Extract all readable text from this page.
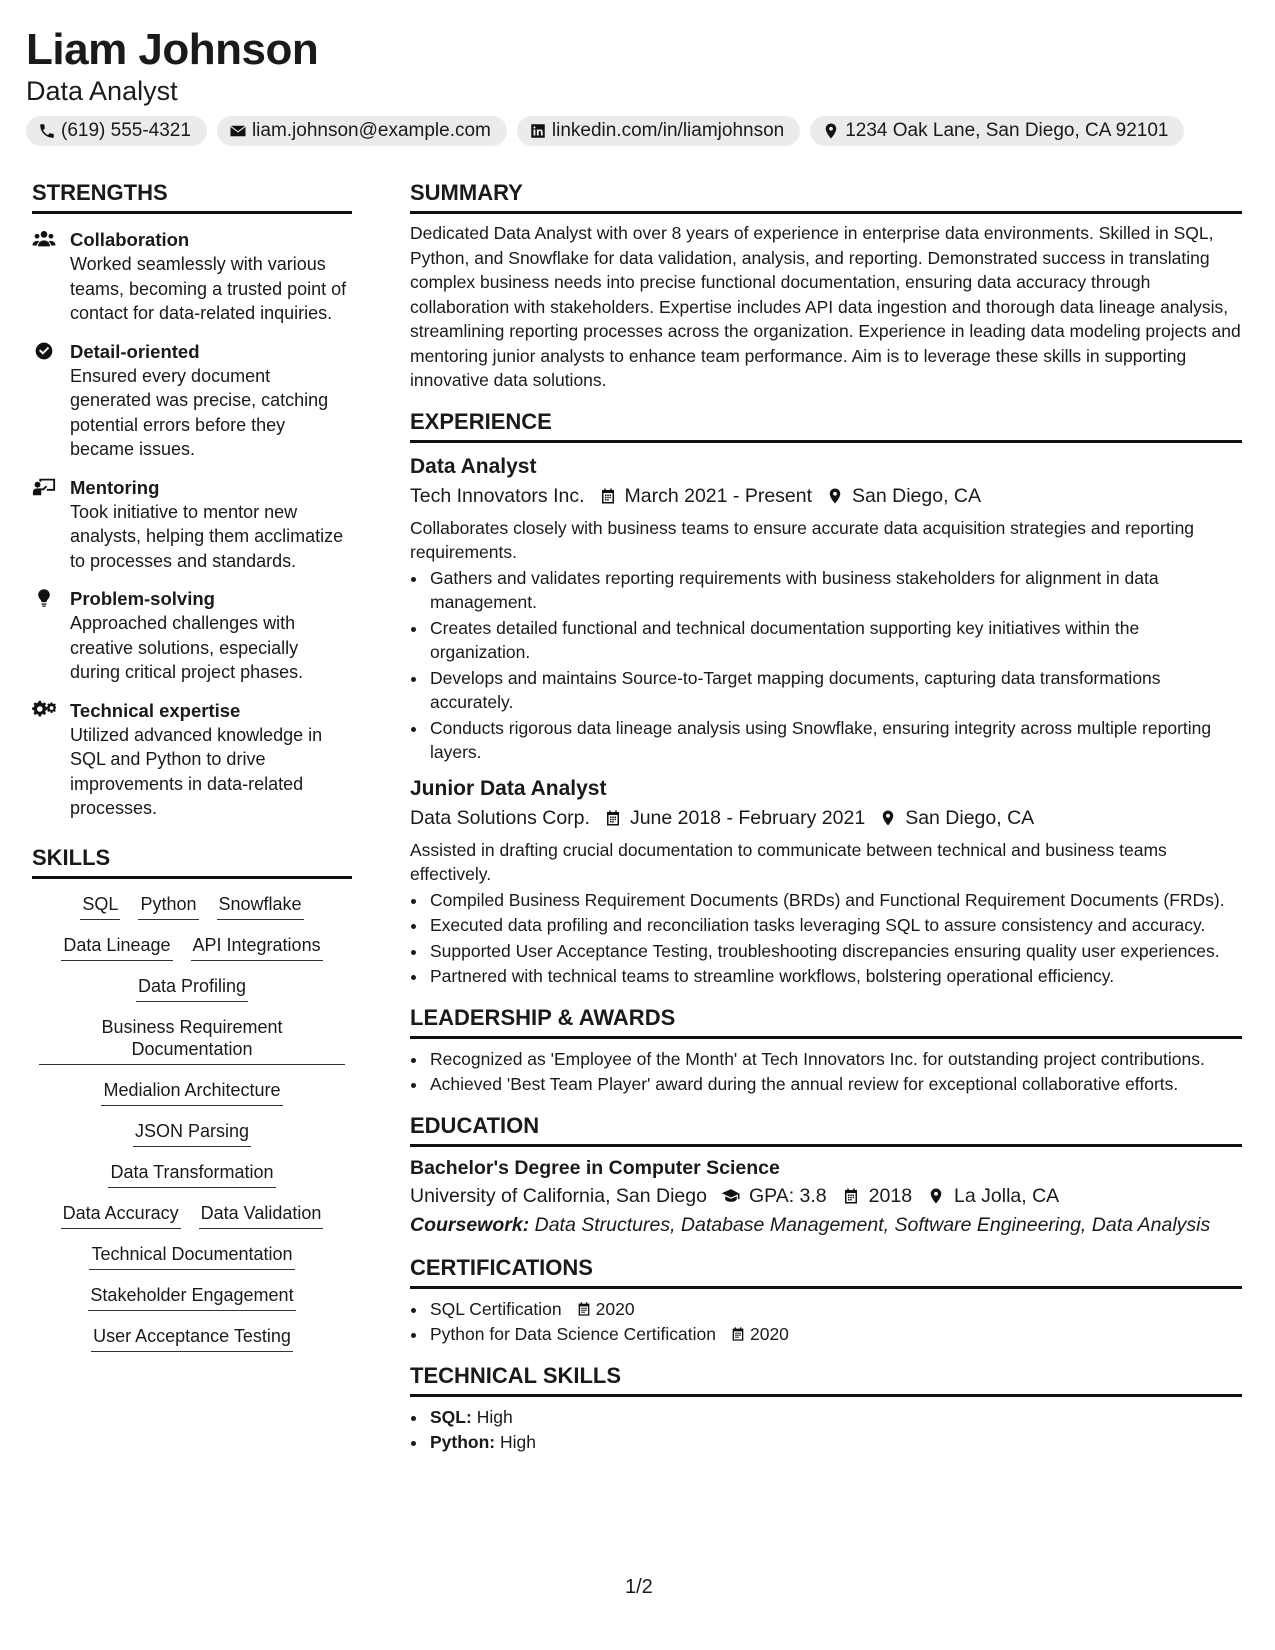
Liam Johnson
Data Analyst
(619) 555-4321	liam.johnson@example.com	linkedin.com/in/liamjohnson	1234 Oak Lane, San Diego, CA 92101
STRENGTHS
Collaboration
Worked seamlessly with various teams, becoming a trusted point of contact for data-related inquiries.
Detail-oriented
Ensured every document generated was precise, catching potential errors before they became issues.
Mentoring
Took initiative to mentor new analysts, helping them acclimatize to processes and standards.
Problem-solving
Approached challenges with creative solutions, especially during critical project phases.
Technical expertise
Utilized advanced knowledge in SQL and Python to drive improvements in data-related processes.
SKILLS
SQL Python Snowflake
Data Lineage API Integrations
Data Profiling
Business Requirement Documentation
Medialion Architecture
JSON Parsing
Data Transformation
Data Accuracy Data Validation
Technical Documentation
Stakeholder Engagement
User Acceptance Testing
SUMMARY
Dedicated Data Analyst with over 8 years of experience in enterprise data environments. Skilled in SQL, Python, and Snowflake for data validation, analysis, and reporting. Demonstrated success in translating complex business needs into precise functional documentation, ensuring data accuracy through collaboration with stakeholders. Expertise includes API data ingestion and thorough data lineage analysis, streamlining reporting processes across the organization. Experience in leading data modeling projects and mentoring junior analysts to enhance team performance. Aim is to leverage these skills in supporting innovative data solutions.
EXPERIENCE
Data Analyst
Tech Innovators Inc. March 2021 - Present San Diego, CA
Collaborates closely with business teams to ensure accurate data acquisition strategies and reporting requirements.
• Gathers and validates reporting requirements with business stakeholders for alignment in data management.
• Creates detailed functional and technical documentation supporting key initiatives within the organization.
• Develops and maintains Source-to-Target mapping documents, capturing data transformations accurately.
• Conducts rigorous data lineage analysis using Snowflake, ensuring integrity across multiple reporting layers.
Junior Data Analyst
Data Solutions Corp. June 2018 - February 2021 San Diego, CA
Assisted in drafting crucial documentation to communicate between technical and business teams effectively.
• Compiled Business Requirement Documents (BRDs) and Functional Requirement Documents (FRDs).
• Executed data profiling and reconciliation tasks leveraging SQL to assure consistency and accuracy.
• Supported User Acceptance Testing, troubleshooting discrepancies ensuring quality user experiences.
• Partnered with technical teams to streamline workflows, bolstering operational efficiency.
LEADERSHIP & AWARDS
• Recognized as 'Employee of the Month' at Tech Innovators Inc. for outstanding project contributions.
• Achieved 'Best Team Player' award during the annual review for exceptional collaborative efforts.
EDUCATION
Bachelor's Degree in Computer Science
University of California, San Diego GPA: 3.8 2018 La Jolla, CA
Coursework: Data Structures, Database Management, Software Engineering, Data Analysis
CERTIFICATIONS
• SQL Certification 2020
• Python for Data Science Certification 2020
TECHNICAL SKILLS
• SQL: High
• Python: High
1/2
